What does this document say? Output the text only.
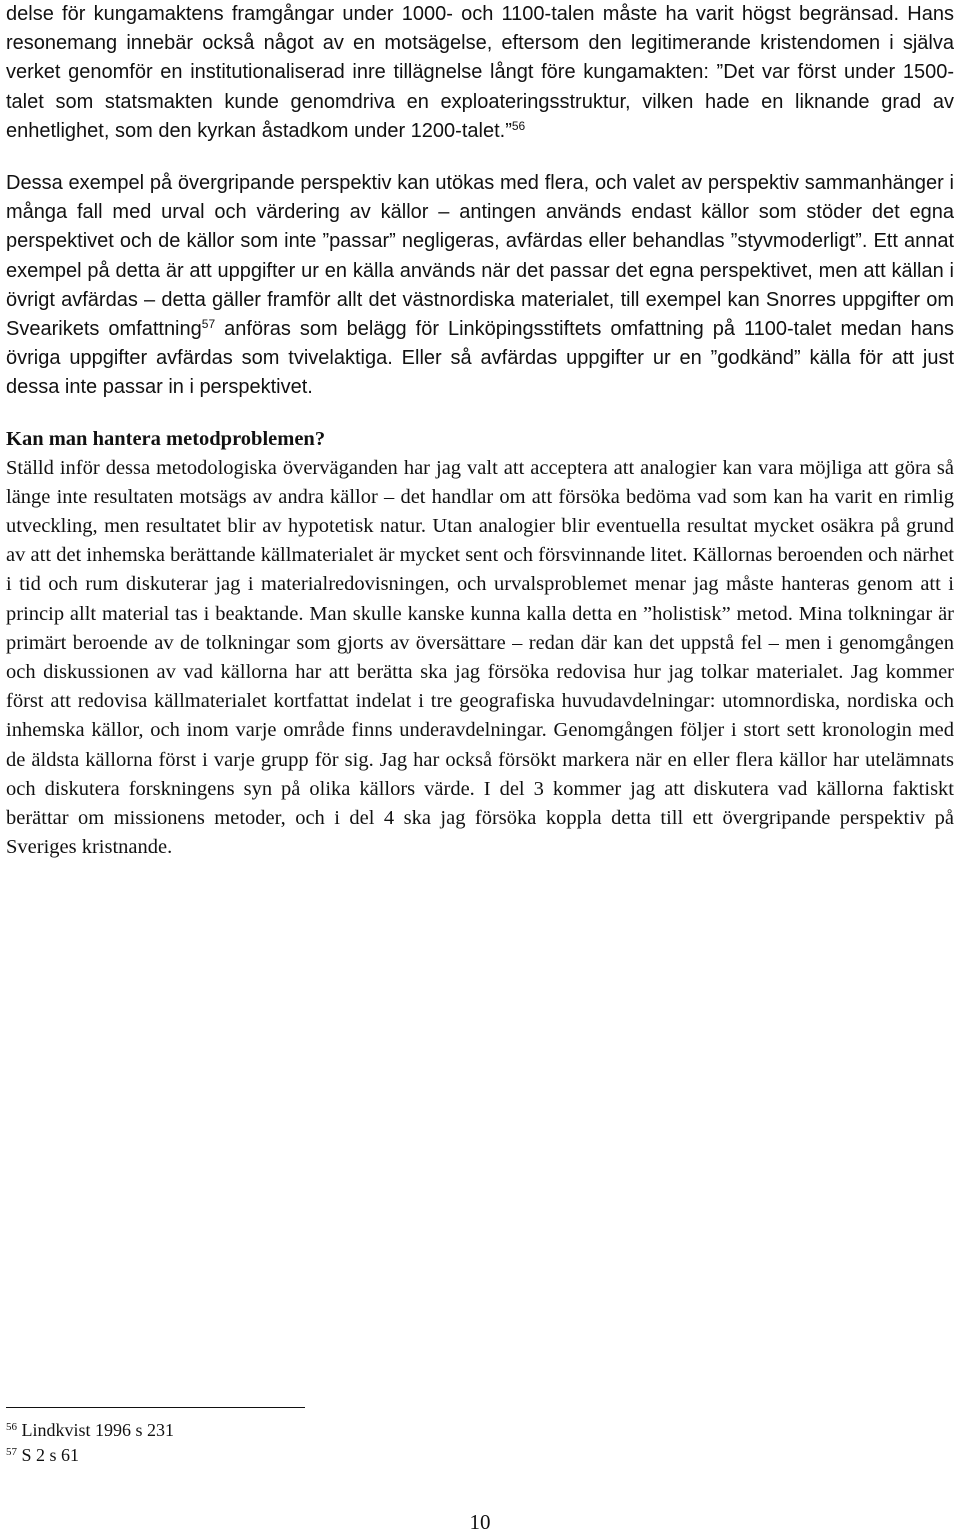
delse för kungamaktens framgångar under 1000- och 1100-talen måste ha varit högst begränsad. Hans resonemang innebär också något av en motsägelse, eftersom den legitimerande kristendomen i själva verket genomför en institutionaliserad inre tillägnelse långt före kungamakten: ”Det var först under 1500-talet som statsmakten kunde genomdriva en exploateringsstruktur, vilken hade en liknande grad av enhetlighet, som den kyrkan åstadkom under 1200-talet.”$^{56}$

Dessa exempel på övergripande perspektiv kan utökas med flera, och valet av perspektiv sammanhänger i många fall med urval och värdering av källor – antingen används endast källor som stöder det egna perspektivet och de källor som inte ”passar” negligeras, avfärdas eller behandlas ”styvmoderligt”. Ett annat exempel på detta är att uppgifter ur en källa används när det passar det egna perspektivet, men att källan i övrigt avfärdas – detta gäller framför allt det västnordiska materialet, till exempel kan Snorres uppgifter om Svearikets omfattning$^{57}$ anföras som belägg för Linköpingsstiftets omfattning på 1100-talet medan hans övriga uppgifter avfärdas som tvivelaktiga. Eller så avfärdas uppgifter ur en ”godkänd” källa för att just dessa inte passar in i perspektivet.

Kan man hantera metodproblemen?

Ställd inför dessa metodologiska överväganden har jag valt att acceptera att analogier kan vara möjliga att göra så länge inte resultaten motsägs av andra källor – det handlar om att försöka bedöma vad som kan ha varit en rimlig utveckling, men resultatet blir av hypotetisk natur. Utan analogier blir eventuella resultat mycket osäkra på grund av att det inhemska berättande källmaterialet är mycket sent och försvinnande litet. Källornas beroenden och närhet i tid och rum diskuterar jag i materialredovisningen, och urvalsproblemet menar jag måste hanteras genom att i princip allt material tas i beaktande. Man skulle kanske kunna kalla detta en ”holistisk” metod. Mina tolkningar är primärt beroende av de tolkningar som gjorts av översättare – redan där kan det uppstå fel – men i genomgången och diskussionen av vad källorna har att berätta ska jag försöka redovisa hur jag tolkar materialet. Jag kommer först att redovisa källmaterialet kortfattat indelat i tre geografiska huvudavdelningar: utomnordiska, nordiska och inhemska källor, och inom varje område finns underavdelningar. Genomgången följer i stort sett kronologin med de äldsta källorna först i varje grupp för sig. Jag har också försökt markera när en eller flera källor har utelämnats och diskutera forskningens syn på olika källors värde. I del 3 kommer jag att diskutera vad källorna faktiskt berättar om missionens metoder, och i del 4 ska jag försöka koppla detta till ett övergripande perspektiv på Sveriges kristnande.

$^{56}$ Lindkvist 1996 s 231
$^{57}$ S 2 s 61
10
